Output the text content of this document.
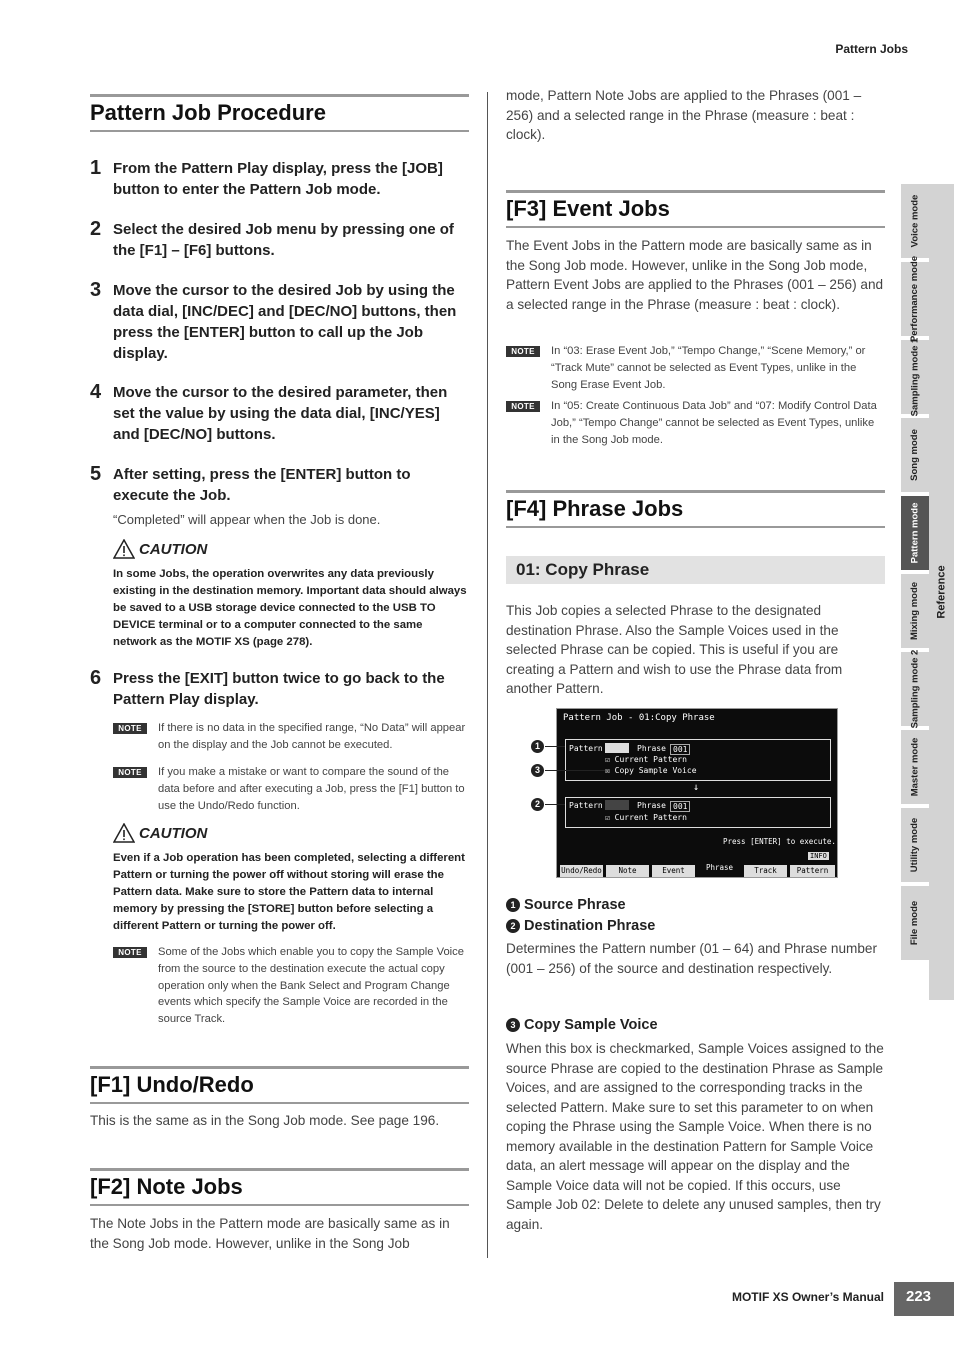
Pattern Jobs
Pattern Job Procedure
1 From the Pattern Play display, press the [JOB] button to enter the Pattern Job mode.
2 Select the desired Job menu by pressing one of the [F1] – [F6] buttons.
3 Move the cursor to the desired Job by using the data dial, [INC/DEC] and [DEC/NO] buttons, then press the [ENTER] button to call up the Job display.
4 Move the cursor to the desired parameter, then set the value by using the data dial, [INC/YES] and [DEC/NO] buttons.
5 After setting, press the [ENTER] button to execute the Job.
“Completed” will appear when the Job is done.
CAUTION
In some Jobs, the operation overwrites any data previously existing in the destination memory. Important data should always be saved to a USB storage device connected to the USB TO DEVICE terminal or to a computer connected to the same network as the MOTIF XS (page 278).
6 Press the [EXIT] button twice to go back to the Pattern Play display.
NOTE	If there is no data in the specified range, “No Data” will appear on the display and the Job cannot be executed.
NOTE	If you make a mistake or want to compare the sound of the data before and after executing a Job, press the [F1] button to use the Undo/Redo function.
CAUTION
Even if a Job operation has been completed, selecting a different Pattern or turning the power off without storing will erase the Pattern data. Make sure to store the Pattern data to internal memory by pressing the [STORE] button before selecting a different Pattern or turning the power off.
NOTE	Some of the Jobs which enable you to copy the Sample Voice from the source to the destination execute the actual copy operation only when the Bank Select and Program Change events which specify the Sample Voice are recorded in the source Track.
[F1] Undo/Redo
This is the same as in the Song Job mode. See page 196.
[F2] Note Jobs
The Note Jobs in the Pattern mode are basically same as in the Song Job mode. However, unlike in the Song Job
mode, Pattern Note Jobs are applied to the Phrases (001 – 256) and a selected range in the Phrase (measure : beat : clock).
[F3] Event Jobs
The Event Jobs in the Pattern mode are basically same as in the Song Job mode. However, unlike in the Song Job mode, Pattern Event Jobs are applied to the Phrases (001 – 256) and a selected range in the Phrase (measure : beat : clock).
NOTE	In “03: Erase Event Job,” “Tempo Change,” “Scene Memory,” or “Track Mute” cannot be selected as Event Types, unlike in the Song Erase Event Job.
NOTE	In “05: Create Continuous Data Job” and “07: Modify Control Data Job,” “Tempo Change” cannot be selected as Event Types, unlike in the Song Job mode.
[F4] Phrase Jobs
01: Copy Phrase
This Job copies a selected Phrase to the designated destination Phrase. Also the Sample Voices used in the selected Phrase can be copied. This is useful if you are creating a Pattern and wish to use the Phrase data from another Pattern.
Pattern Job - 01:Copy Phrase
Pattern	Phrase 001
☑ Current Pattern
☒ Copy Sample Voice
↓
Pattern	Phrase 001
☑ Current Pattern
Press [ENTER] to execute.
INFO
Undo/Redo	Note	Event	Phrase	Track	Pattern
1
3
2
1 Source Phrase
2 Destination Phrase
Determines the Pattern number (01 – 64) and Phrase number (001 – 256) of the source and destination respectively.
3 Copy Sample Voice
When this box is checkmarked, Sample Voices assigned to the source Phrase are copied to the destination Phrase as Sample Voices, and are assigned to the corresponding tracks in the selected Pattern. Make sure to set this parameter to on when coping the Phrase using the Sample Voice. When there is no memory available in the destination Pattern for Sample Voice data, an alert message will appear on the display and the Sample Voice data will not be copied. If this occurs, use Sample Job 02: Delete to delete any unused samples, then try again.
Voice mode
Performance mode
Sampling mode 1
Song mode
Pattern mode
Mixing mode
Sampling mode 2
Master mode
Utility mode
File mode
Reference
MOTIF XS Owner’s Manual	223
